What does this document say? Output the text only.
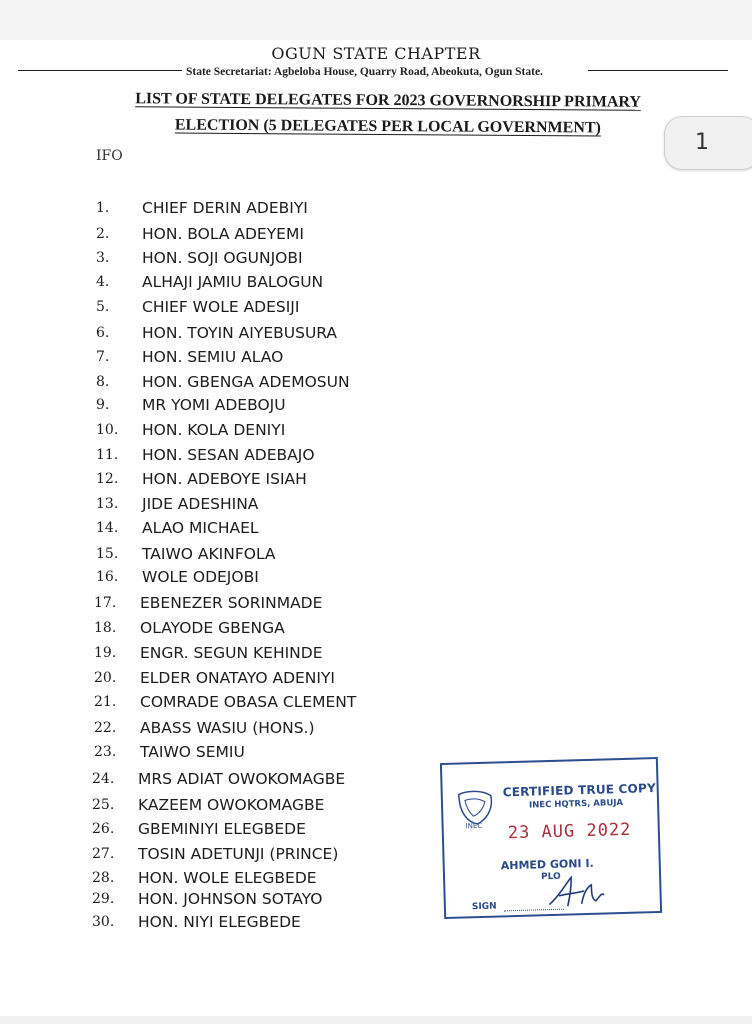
OGUN STATE CHAPTER
State Secretariat: Agbeloba House, Quarry Road, Abeokuta, Ogun State.
LIST OF STATE DELEGATES FOR 2023 GOVERNORSHIP PRIMARY
ELECTION (5 DELEGATES PER LOCAL GOVERNMENT)
IFO
1
1.	CHIEF DERIN ADEBIYI
2.	HON. BOLA ADEYEMI
3.	HON. SOJI OGUNJOBI
4.	ALHAJI JAMIU BALOGUN
5.	CHIEF WOLE ADESIJI
6.	HON. TOYIN AIYEBUSURA
7.	HON. SEMIU ALAO
8.	HON. GBENGA ADEMOSUN
9.	MR YOMI ADEBOJU
10.	HON. KOLA DENIYI
11.	HON. SESAN ADEBAJO
12.	HON. ADEBOYE ISIAH
13.	JIDE ADESHINA
14.	ALAO MICHAEL
15.	TAIWO AKINFOLA
16.	WOLE ODEJOBI
17.	EBENEZER SORINMADE
18.	OLAYODE GBENGA
19.	ENGR. SEGUN KEHINDE
20.	ELDER ONATAYO ADENIYI
21.	COMRADE OBASA CLEMENT
22.	ABASS WASIU (HONS.)
23.	TAIWO SEMIU
24.	MRS ADIAT OWOKOMAGBE
25.	KAZEEM OWOKOMAGBE
26.	GBEMINIYI ELEGBEDE
27.	TOSIN ADETUNJI (PRINCE)
28.	HON. WOLE ELEGBEDE
29.	HON. JOHNSON SOTAYO
30.	HON. NIYI ELEGBEDE
INEC
CERTIFIED TRUE COPY
INEC HQTRS, ABUJA
23 AUG 2022
AHMED GONI I.
PLO
SIGN
